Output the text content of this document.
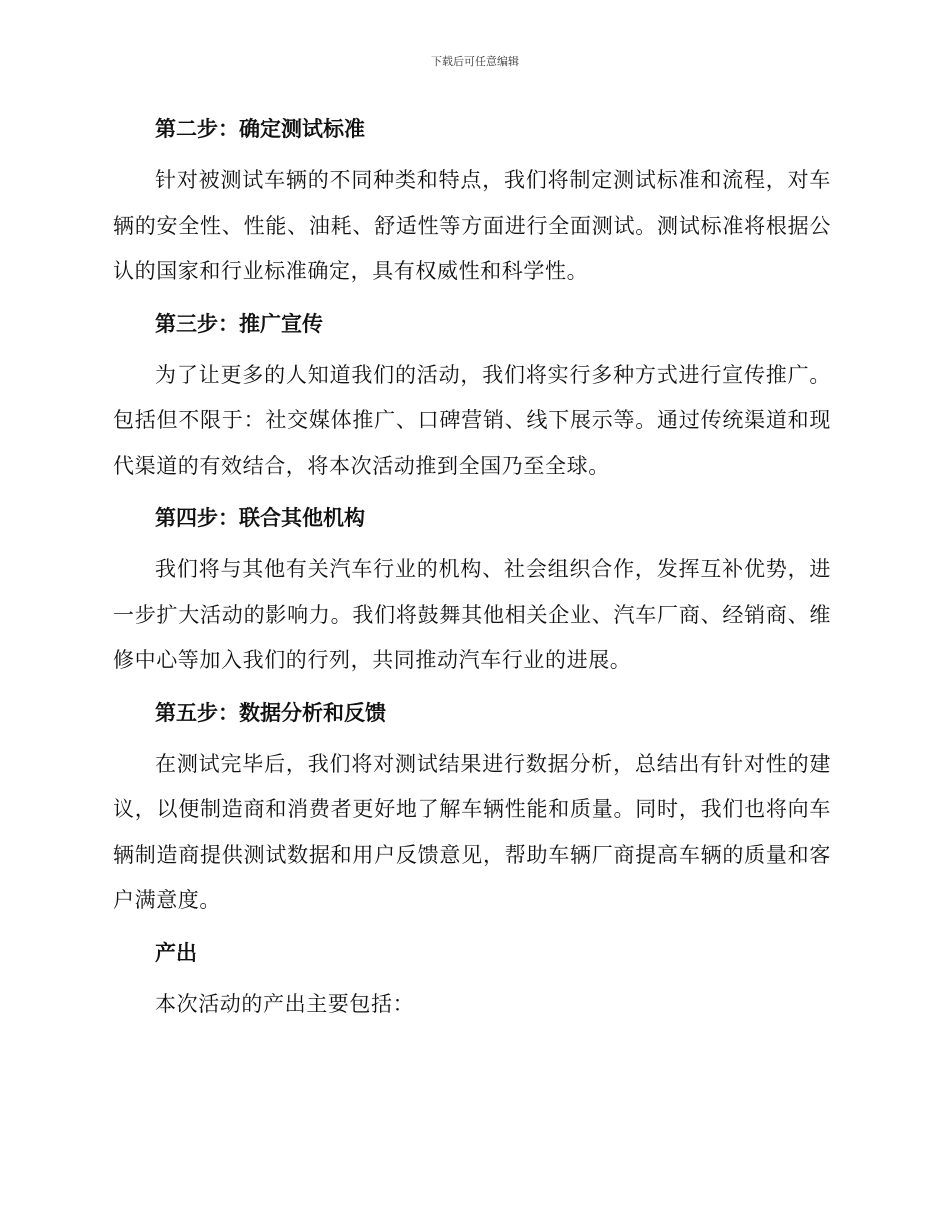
下载后可任意编辑
第二步：确定测试标准

针对被测试车辆的不同种类和特点，我们将制定测试标准和流程，对车辆的安全性、性能、油耗、舒适性等方面进行全面测试。测试标准将根据公认的国家和行业标准确定，具有权威性和科学性。

第三步：推广宣传

为了让更多的人知道我们的活动，我们将实行多种方式进行宣传推广。包括但不限于：社交媒体推广、口碑营销、线下展示等。通过传统渠道和现代渠道的有效结合，将本次活动推到全国乃至全球。

第四步：联合其他机构

我们将与其他有关汽车行业的机构、社会组织合作，发挥互补优势，进一步扩大活动的影响力。我们将鼓舞其他相关企业、汽车厂商、经销商、维修中心等加入我们的行列，共同推动汽车行业的进展。

第五步：数据分析和反馈

在测试完毕后，我们将对测试结果进行数据分析，总结出有针对性的建议，以便制造商和消费者更好地了解车辆性能和质量。同时，我们也将向车辆制造商提供测试数据和用户反馈意见，帮助车辆厂商提高车辆的质量和客户满意度。

产出

本次活动的产出主要包括：
